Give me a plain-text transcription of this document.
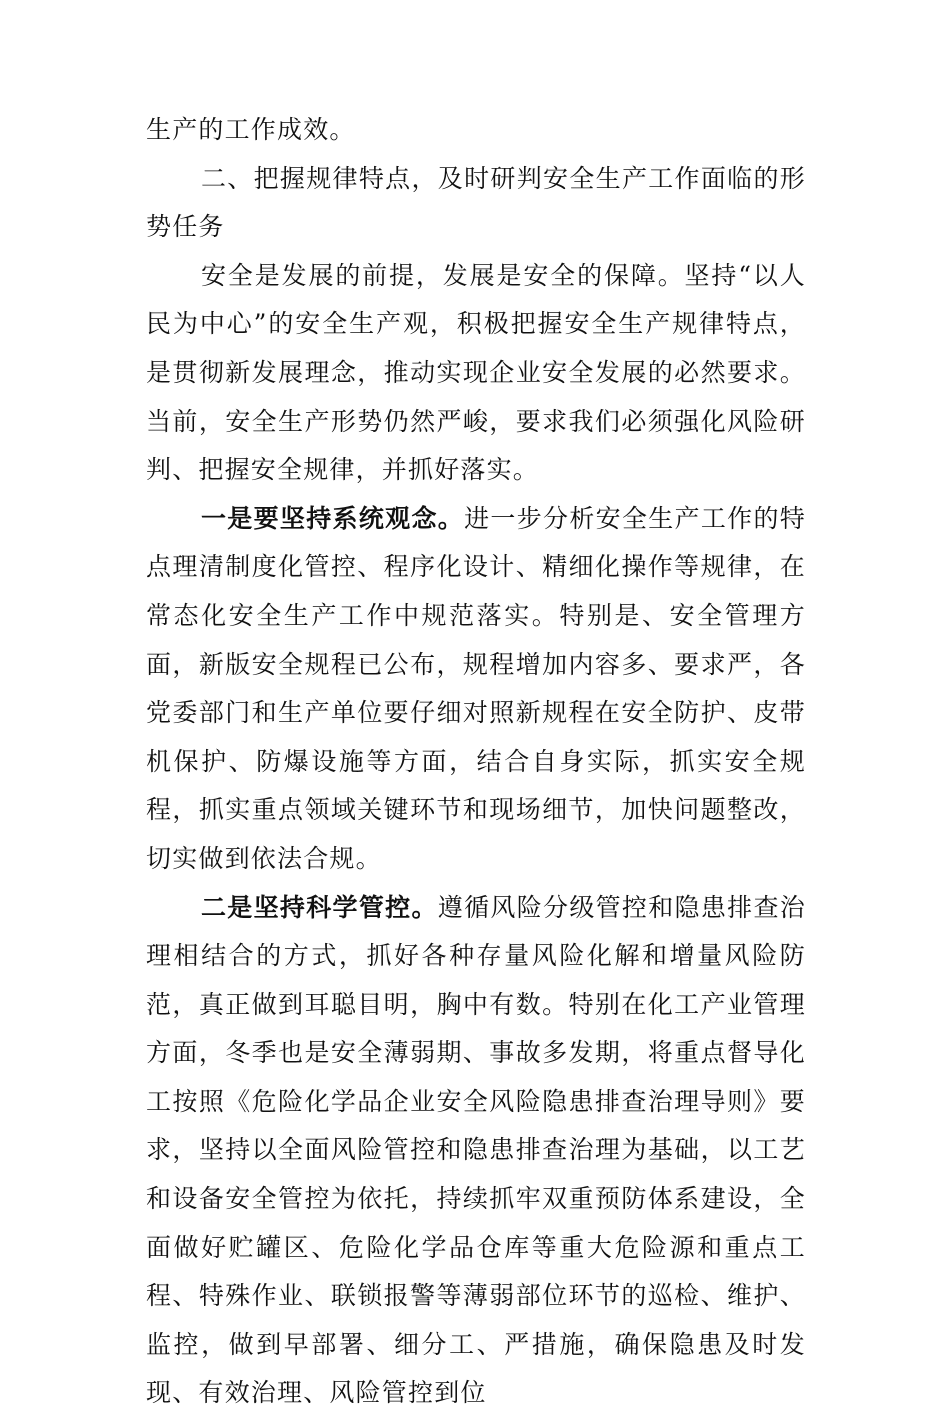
生产的工作成效。

二、把握规律特点，及时研判安全生产工作面临的形势任务

安全是发展的前提，发展是安全的保障。坚持“以人民为中心”的安全生产观，积极把握安全生产规律特点，是贯彻新发展理念，推动实现企业安全发展的必然要求。当前，安全生产形势仍然严峻，要求我们必须强化风险研判、把握安全规律，并抓好落实。

一是要坚持系统观念。进一步分析安全生产工作的特点理清制度化管控、程序化设计、精细化操作等规律，在常态化安全生产工作中规范落实。特别是、安全管理方面，新版安全规程已公布，规程增加内容多、要求严，各党委部门和生产单位要仔细对照新规程在安全防护、皮带机保护、防爆设施等方面，结合自身实际，抓实安全规程，抓实重点领域关键环节和现场细节，加快问题整改，切实做到依法合规。

二是坚持科学管控。遵循风险分级管控和隐患排查治理相结合的方式，抓好各种存量风险化解和增量风险防范，真正做到耳聪目明，胸中有数。特别在化工产业管理方面，冬季也是安全薄弱期、事故多发期，将重点督导化工按照《危险化学品企业安全风险隐患排查治理导则》要求，坚持以全面风险管控和隐患排查治理为基础，以工艺和设备安全管控为依托，持续抓牢双重预防体系建设，全面做好贮罐区、危险化学品仓库等重大危险源和重点工程、特殊作业、联锁报警等薄弱部位环节的巡检、维护、监控，做到早部署、细分工、严措施，确保隐患及时发现、有效治理、风险管控到位
